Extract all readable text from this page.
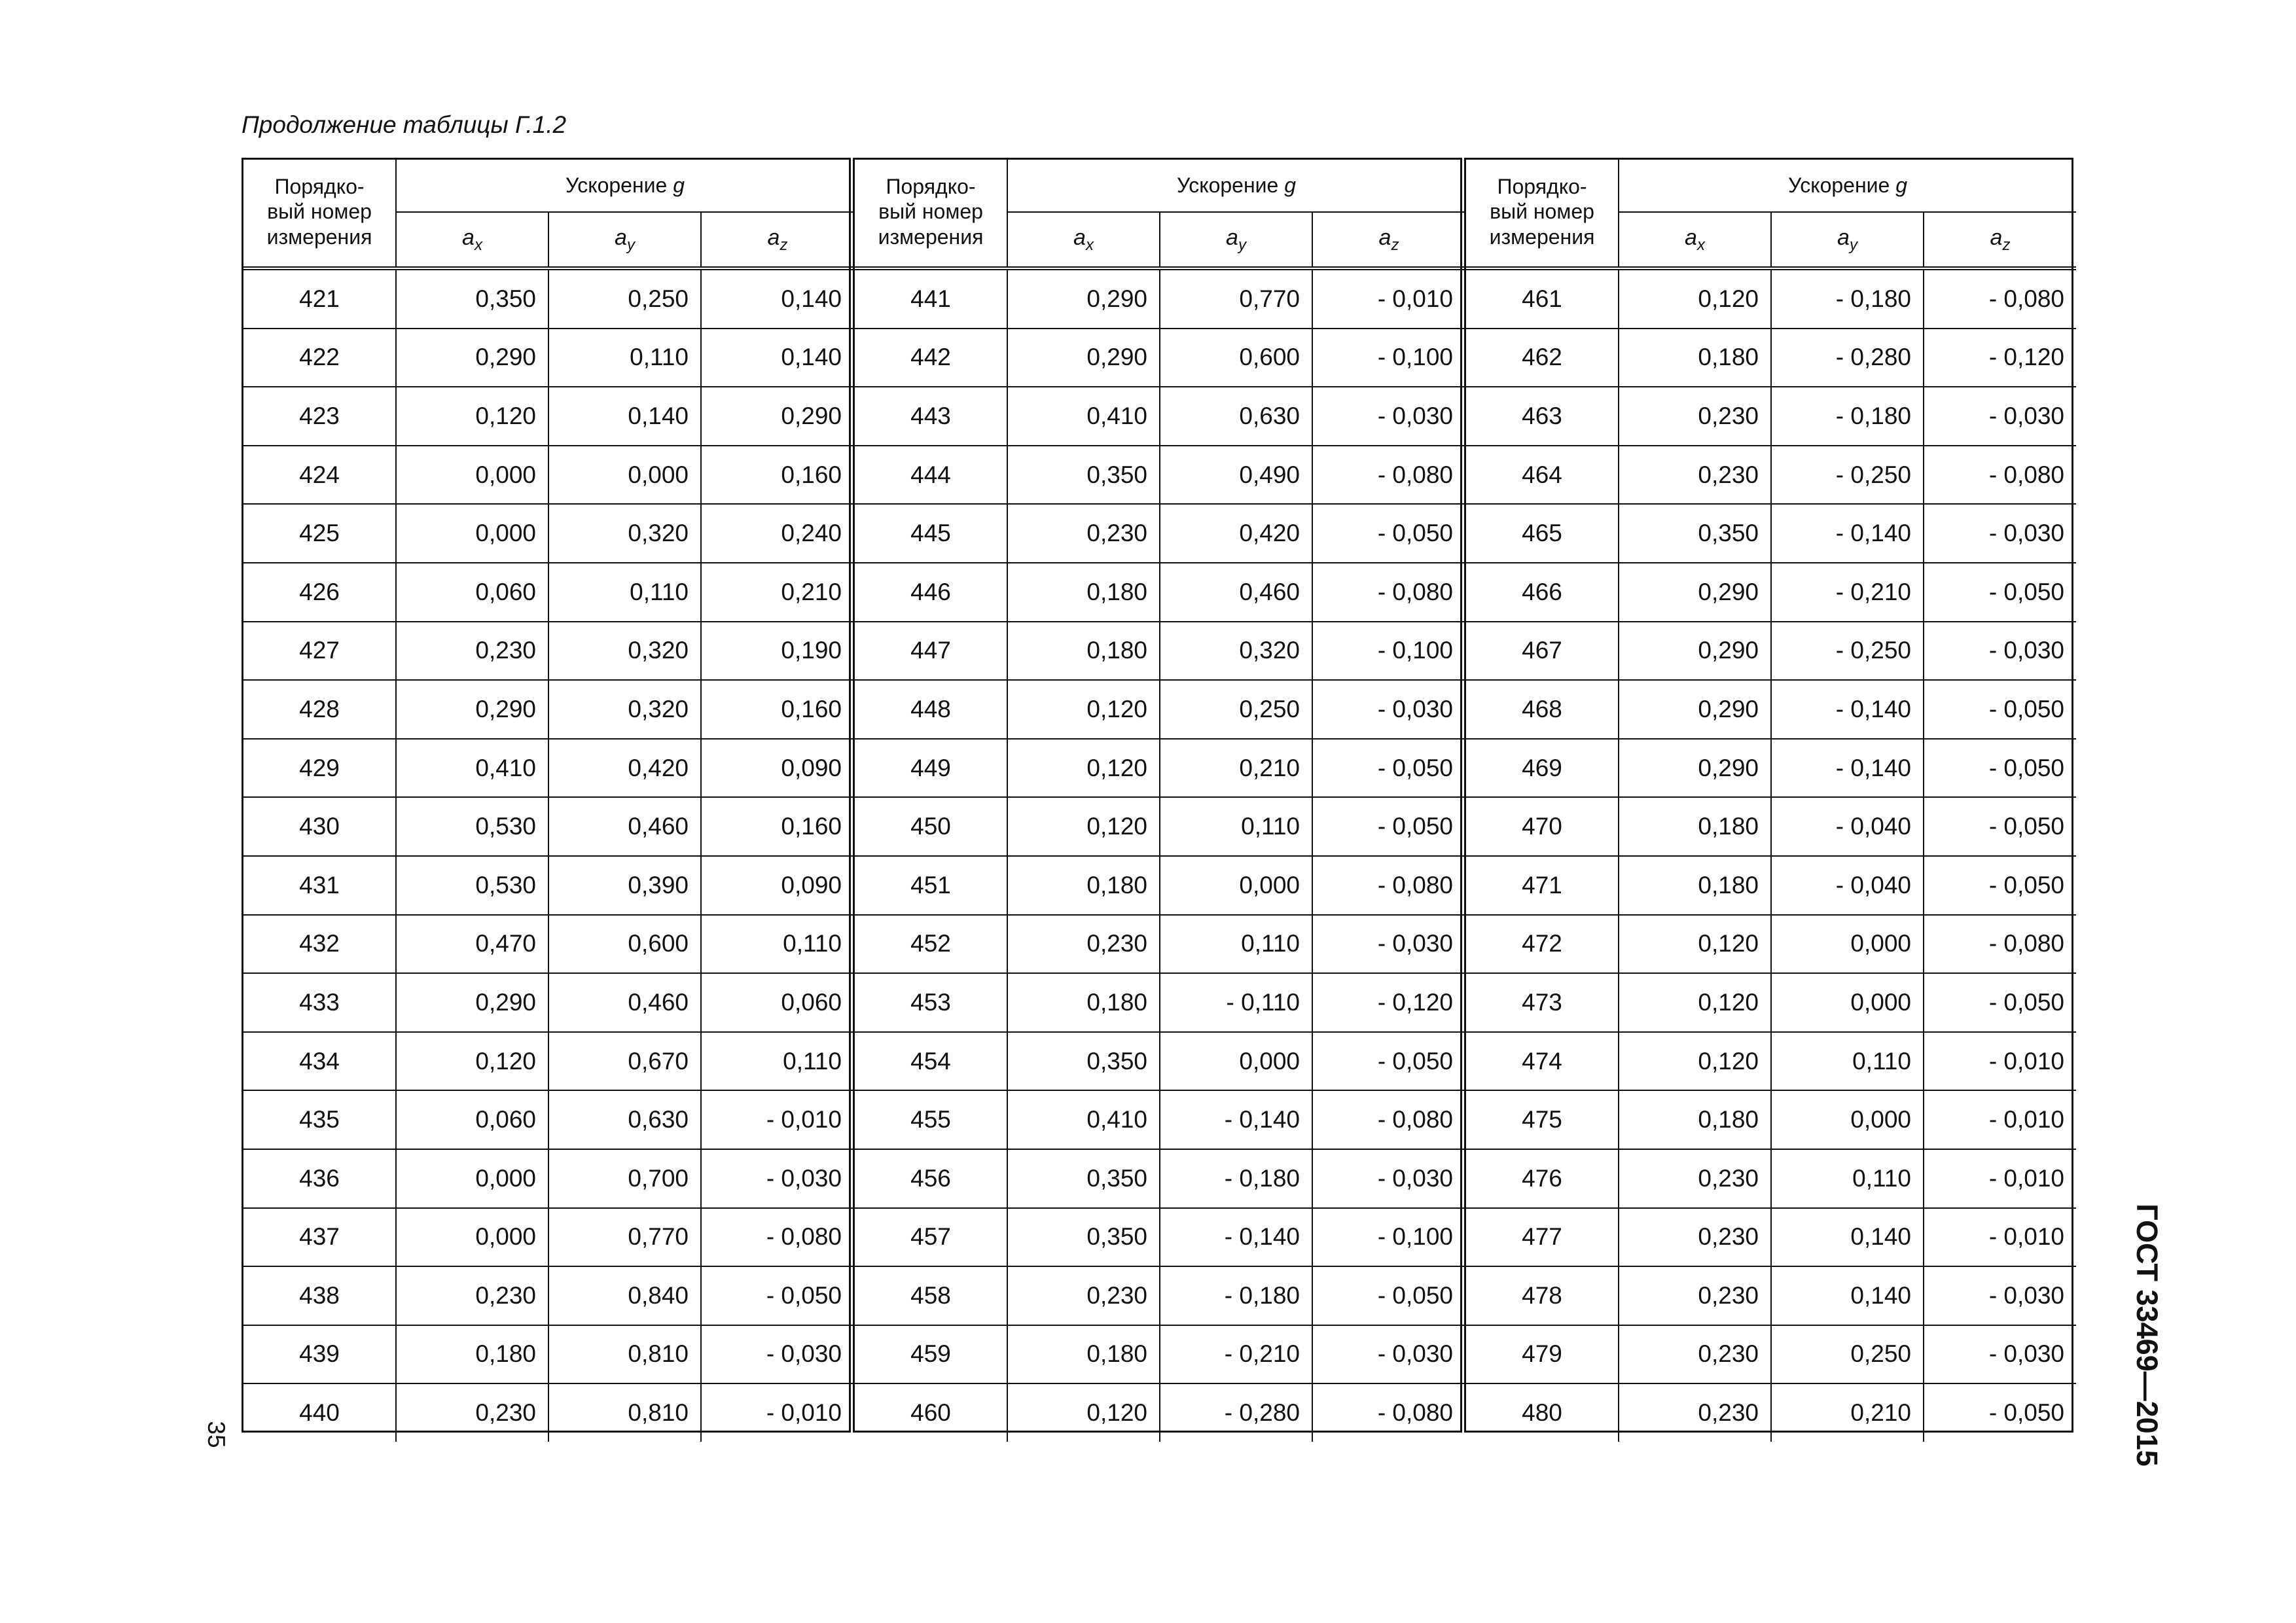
Продолжение таблицы Г.1.2
Порядко-
вый номер
измерения	Ускорение g		
	$a_x$	$a_y$	$a_z$
421	0,350	0,250	0,140
422	0,290	0,110	0,140
423	0,120	0,140	0,290
424	0,000	0,000	0,160
425	0,000	0,320	0,240
426	0,060	0,110	0,210
427	0,230	0,320	0,190
428	0,290	0,320	0,160
429	0,410	0,420	0,090
430	0,530	0,460	0,160
431	0,530	0,390	0,090
432	0,470	0,600	0,110
433	0,290	0,460	0,060
434	0,120	0,670	0,110
435	0,060	0,630	- 0,010
436	0,000	0,700	- 0,030
437	0,000	0,770	- 0,080
438	0,230	0,840	- 0,050
439	0,180	0,810	- 0,030
440	0,230	0,810	- 0,010
Порядко-
вый номер
измерения	Ускорение g		
	$a_x$	$a_y$	$a_z$
441	0,290	0,770	- 0,010
442	0,290	0,600	- 0,100
443	0,410	0,630	- 0,030
444	0,350	0,490	- 0,080
445	0,230	0,420	- 0,050
446	0,180	0,460	- 0,080
447	0,180	0,320	- 0,100
448	0,120	0,250	- 0,030
449	0,120	0,210	- 0,050
450	0,120	0,110	- 0,050
451	0,180	0,000	- 0,080
452	0,230	0,110	- 0,030
453	0,180	- 0,110	- 0,120
454	0,350	0,000	- 0,050
455	0,410	- 0,140	- 0,080
456	0,350	- 0,180	- 0,030
457	0,350	- 0,140	- 0,100
458	0,230	- 0,180	- 0,050
459	0,180	- 0,210	- 0,030
460	0,120	- 0,280	- 0,080
Порядко-
вый номер
измерения	Ускорение g		
	$a_x$	$a_y$	$a_z$
461	0,120	- 0,180	- 0,080
462	0,180	- 0,280	- 0,120
463	0,230	- 0,180	- 0,030
464	0,230	- 0,250	- 0,080
465	0,350	- 0,140	- 0,030
466	0,290	- 0,210	- 0,050
467	0,290	- 0,250	- 0,030
468	0,290	- 0,140	- 0,050
469	0,290	- 0,140	- 0,050
470	0,180	- 0,040	- 0,050
471	0,180	- 0,040	- 0,050
472	0,120	0,000	- 0,080
473	0,120	0,000	- 0,050
474	0,120	0,110	- 0,010
475	0,180	0,000	- 0,010
476	0,230	0,110	- 0,010
477	0,230	0,140	- 0,010
478	0,230	0,140	- 0,030
479	0,230	0,250	- 0,030
480	0,230	0,210	- 0,050
35	ГОСТ 33469—2015
